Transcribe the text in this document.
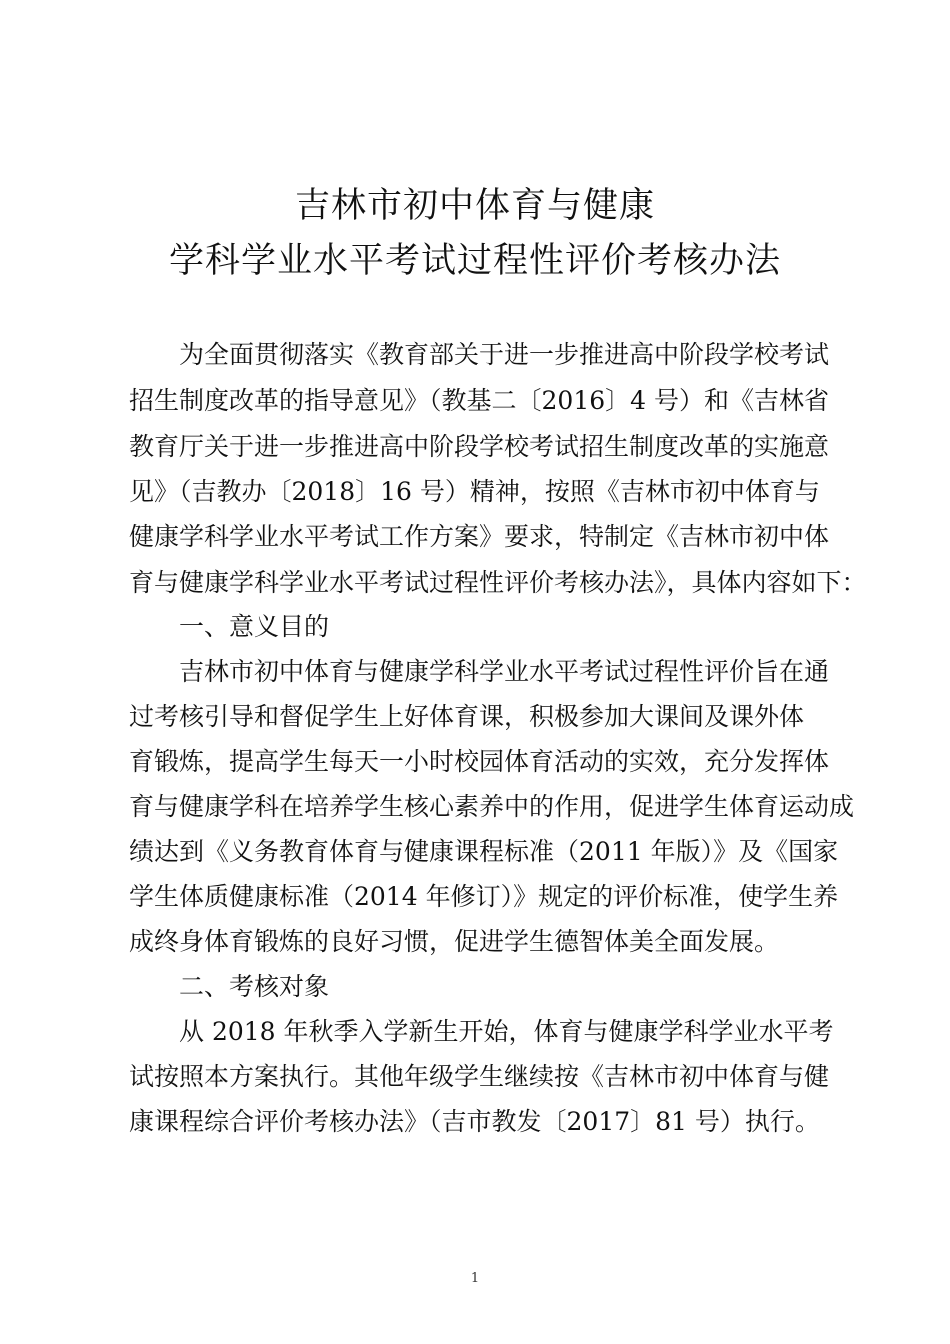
吉林市初中体育与健康
学科学业水平考试过程性评价考核办法
为全面贯彻落实《教育部关于进一步推进高中阶段学校考试
招生制度改革的指导意见》（教基二〔2016〕4 号）和《吉林省
教育厅关于进一步推进高中阶段学校考试招生制度改革的实施意
见》（吉教办〔2018〕16 号）精神，按照《吉林市初中体育与
健康学科学业水平考试工作方案》要求，特制定《吉林市初中体
育与健康学科学业水平考试过程性评价考核办法》，具体内容如下：
一、意义目的
吉林市初中体育与健康学科学业水平考试过程性评价旨在通
过考核引导和督促学生上好体育课，积极参加大课间及课外体
育锻炼，提高学生每天一小时校园体育活动的实效，充分发挥体
育与健康学科在培养学生核心素养中的作用，促进学生体育运动成
绩达到《义务教育体育与健康课程标准（2011 年版）》及《国家
学生体质健康标准（2014 年修订）》规定的评价标准，使学生养
成终身体育锻炼的良好习惯，促进学生德智体美全面发展。
二、考核对象
从 2018 年秋季入学新生开始，体育与健康学科学业水平考
试按照本方案执行。其他年级学生继续按《吉林市初中体育与健
康课程综合评价考核办法》（吉市教发〔2017〕81 号）执行。
1
